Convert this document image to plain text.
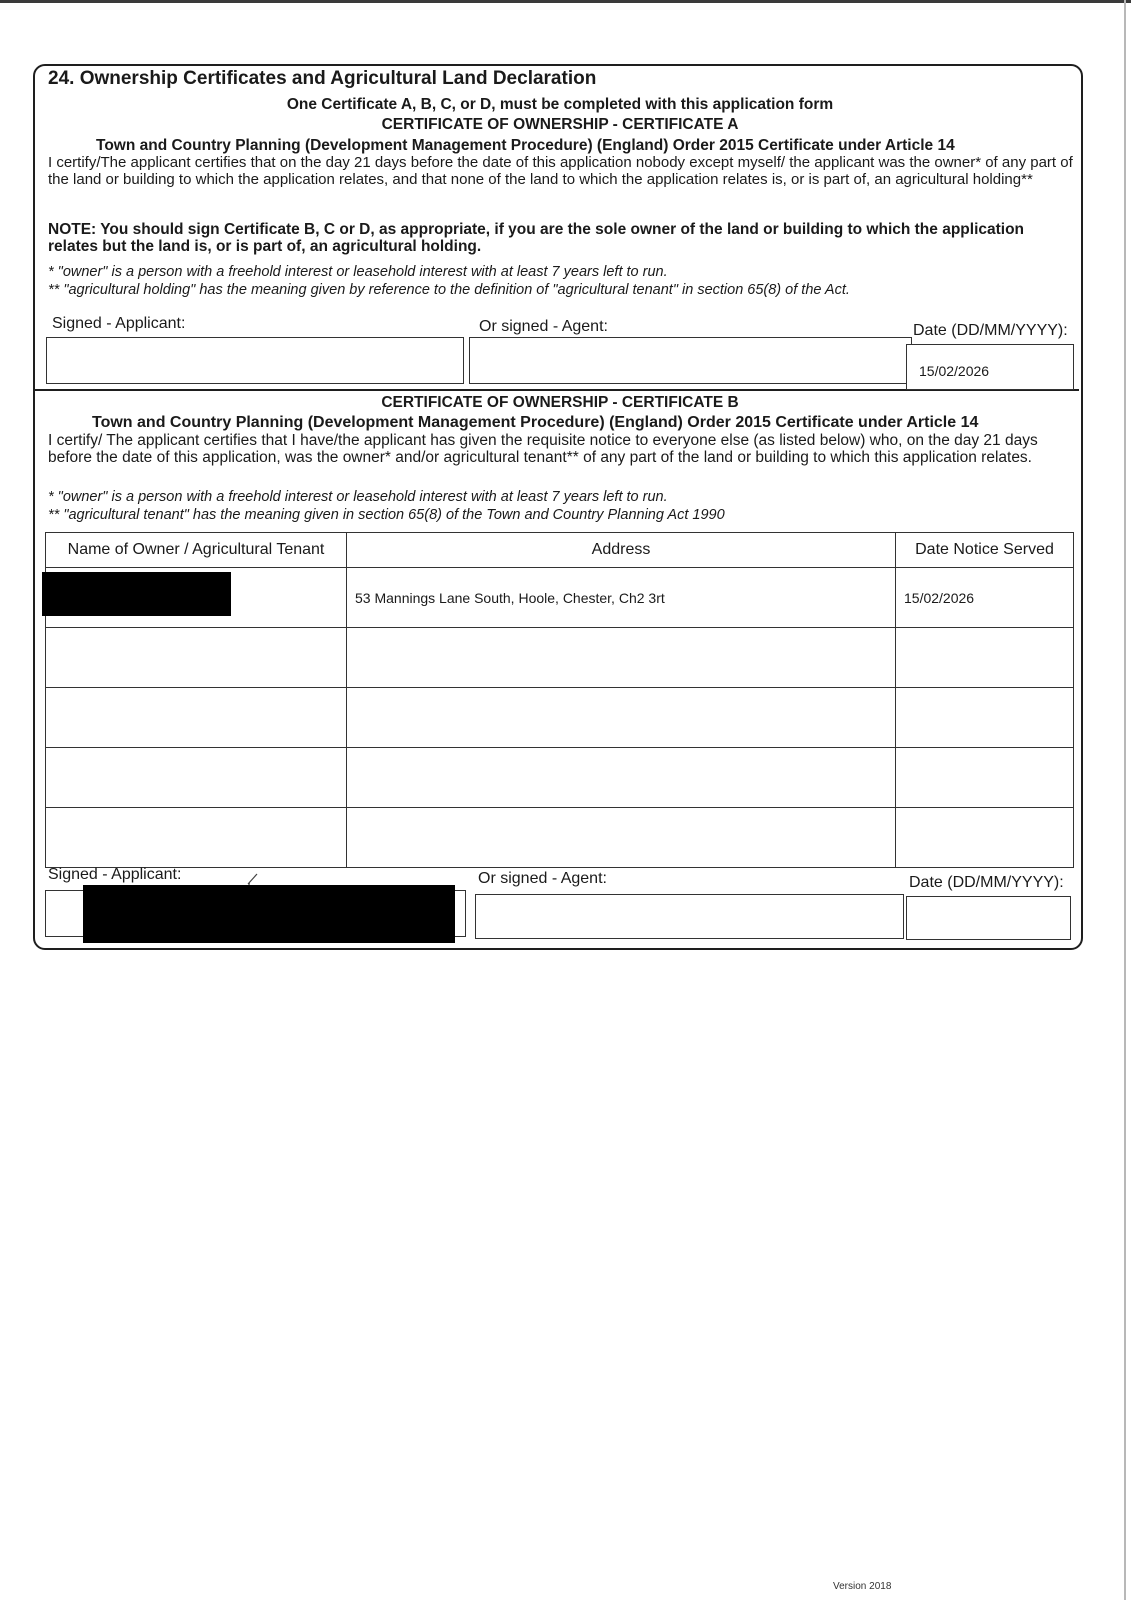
24. Ownership Certificates and Agricultural Land Declaration
One Certificate A, B, C, or D, must be completed with this application form
CERTIFICATE OF OWNERSHIP - CERTIFICATE A
Town and Country Planning (Development Management Procedure) (England) Order 2015 Certificate under Article 14
I certify/The applicant certifies that on the day 21 days before the date of this application nobody except myself/ the applicant was the owner* of any part of the land or building to which the application relates, and that none of the land to which the application relates is, or is part of, an agricultural holding**
NOTE: You should sign Certificate B, C or D, as appropriate, if you are the sole owner of the land or building to which the application relates but the land is, or is part of, an agricultural holding.
* "owner" is a person with a freehold interest or leasehold interest with at least 7 years left to run.
** "agricultural holding" has the meaning given by reference to the definition of "agricultural tenant" in section 65(8) of the Act.
Signed - Applicant:	Or signed - Agent:	Date (DD/MM/YYYY):
15/02/2026
CERTIFICATE OF OWNERSHIP - CERTIFICATE B
Town and Country Planning (Development Management Procedure) (England) Order 2015 Certificate under Article 14
I certify/ The applicant certifies that I have/the applicant has given the requisite notice to everyone else (as listed below) who, on the day 21 days before the date of this application, was the owner* and/or agricultural tenant** of any part of the land or building to which this application relates.
* "owner" is a person with a freehold interest or leasehold interest with at least 7 years left to run.
** "agricultural tenant" has the meaning given in section 65(8) of the Town and Country Planning Act 1990
Name of Owner / Agricultural Tenant	Address	Date Notice Served
	53 Mannings Lane South, Hoole, Chester, Ch2 3rt	15/02/2026

Signed - Applicant:	Or signed - Agent:	Date (DD/MM/YYYY):
Version 2018
